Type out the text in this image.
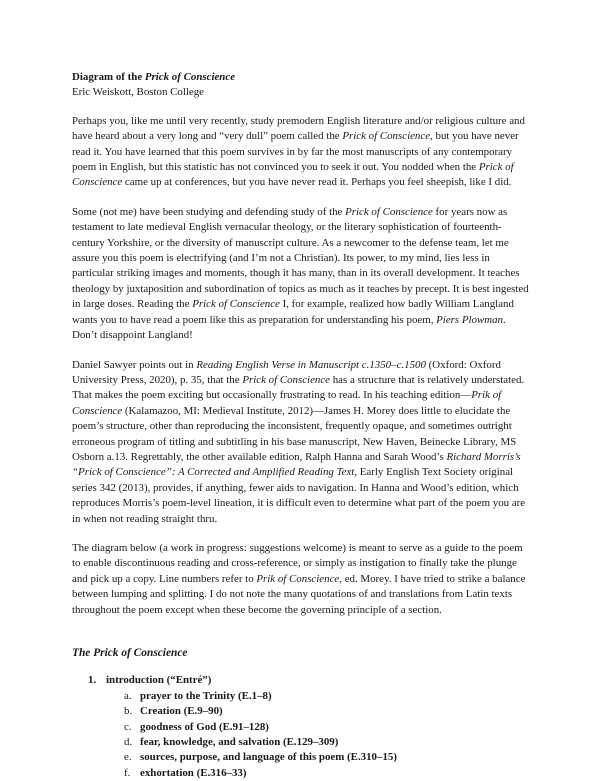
Diagram of the Prick of Conscience

Eric Weiskott, Boston College

Perhaps you, like me until very recently, study premodern English literature and/or religious culture and have heard about a very long and “very dull” poem called the Prick of Conscience, but you have never read it. You have learned that this poem survives in by far the most manuscripts of any contemporary poem in English, but this statistic has not convinced you to seek it out. You nodded when the Prick of Conscience came up at conferences, but you have never read it. Perhaps you feel sheepish, like I did.

Some (not me) have been studying and defending study of the Prick of Conscience for years now as testament to late medieval English vernacular theology, or the literary sophistication of fourteenth-century Yorkshire, or the diversity of manuscript culture. As a newcomer to the defense team, let me assure you this poem is electrifying (and I’m not a Christian). Its power, to my mind, lies less in particular striking images and moments, though it has many, than in its overall development. It teaches theology by juxtaposition and subordination of topics as much as it teaches by precept. It is best ingested in large doses. Reading the Prick of Conscience I, for example, realized how badly William Langland wants you to have read a poem like this as preparation for understanding his poem, Piers Plowman. Don’t disappoint Langland!

Daniel Sawyer points out in Reading English Verse in Manuscript c.1350–c.1500 (Oxford: Oxford University Press, 2020), p. 35, that the Prick of Conscience has a structure that is relatively understated. That makes the poem exciting but occasionally frustrating to read. In his teaching edition—Prik of Conscience (Kalamazoo, MI: Medieval Institute, 2012)—James H. Morey does little to elucidate the poem’s structure, other than reproducing the inconsistent, frequently opaque, and sometimes outright erroneous program of titling and subtitling in his base manuscript, New Haven, Beinecke Library, MS Osborn a.13. Regrettably, the other available edition, Ralph Hanna and Sarah Wood’s Richard Morris’s “Prick of Conscience”: A Corrected and Amplified Reading Text, Early English Text Society original series 342 (2013), provides, if anything, fewer aids to navigation. In Hanna and Wood’s edition, which reproduces Morris’s poem-level lineation, it is difficult even to determine what part of the poem you are in when not reading straight thru.

The diagram below (a work in progress: suggestions welcome) is meant to serve as a guide to the poem to enable discontinuous reading and cross-reference, or simply as instigation to finally take the plunge and pick up a copy. Line numbers refer to Prik of Conscience, ed. Morey. I have tried to strike a balance between lumping and splitting. I do not note the many quotations of and translations from Latin texts throughout the poem except when these become the governing principle of a section.

The Prick of Conscience
1. introduction (“Entré”)
a. prayer to the Trinity (E.1–8)
b. Creation (E.9–90)
c. goodness of God (E.91–128)
d. fear, knowledge, and salvation (E.129–309)
e. sources, purpose, and language of this poem (E.310–15)
f. exhortation (E.316–33)
